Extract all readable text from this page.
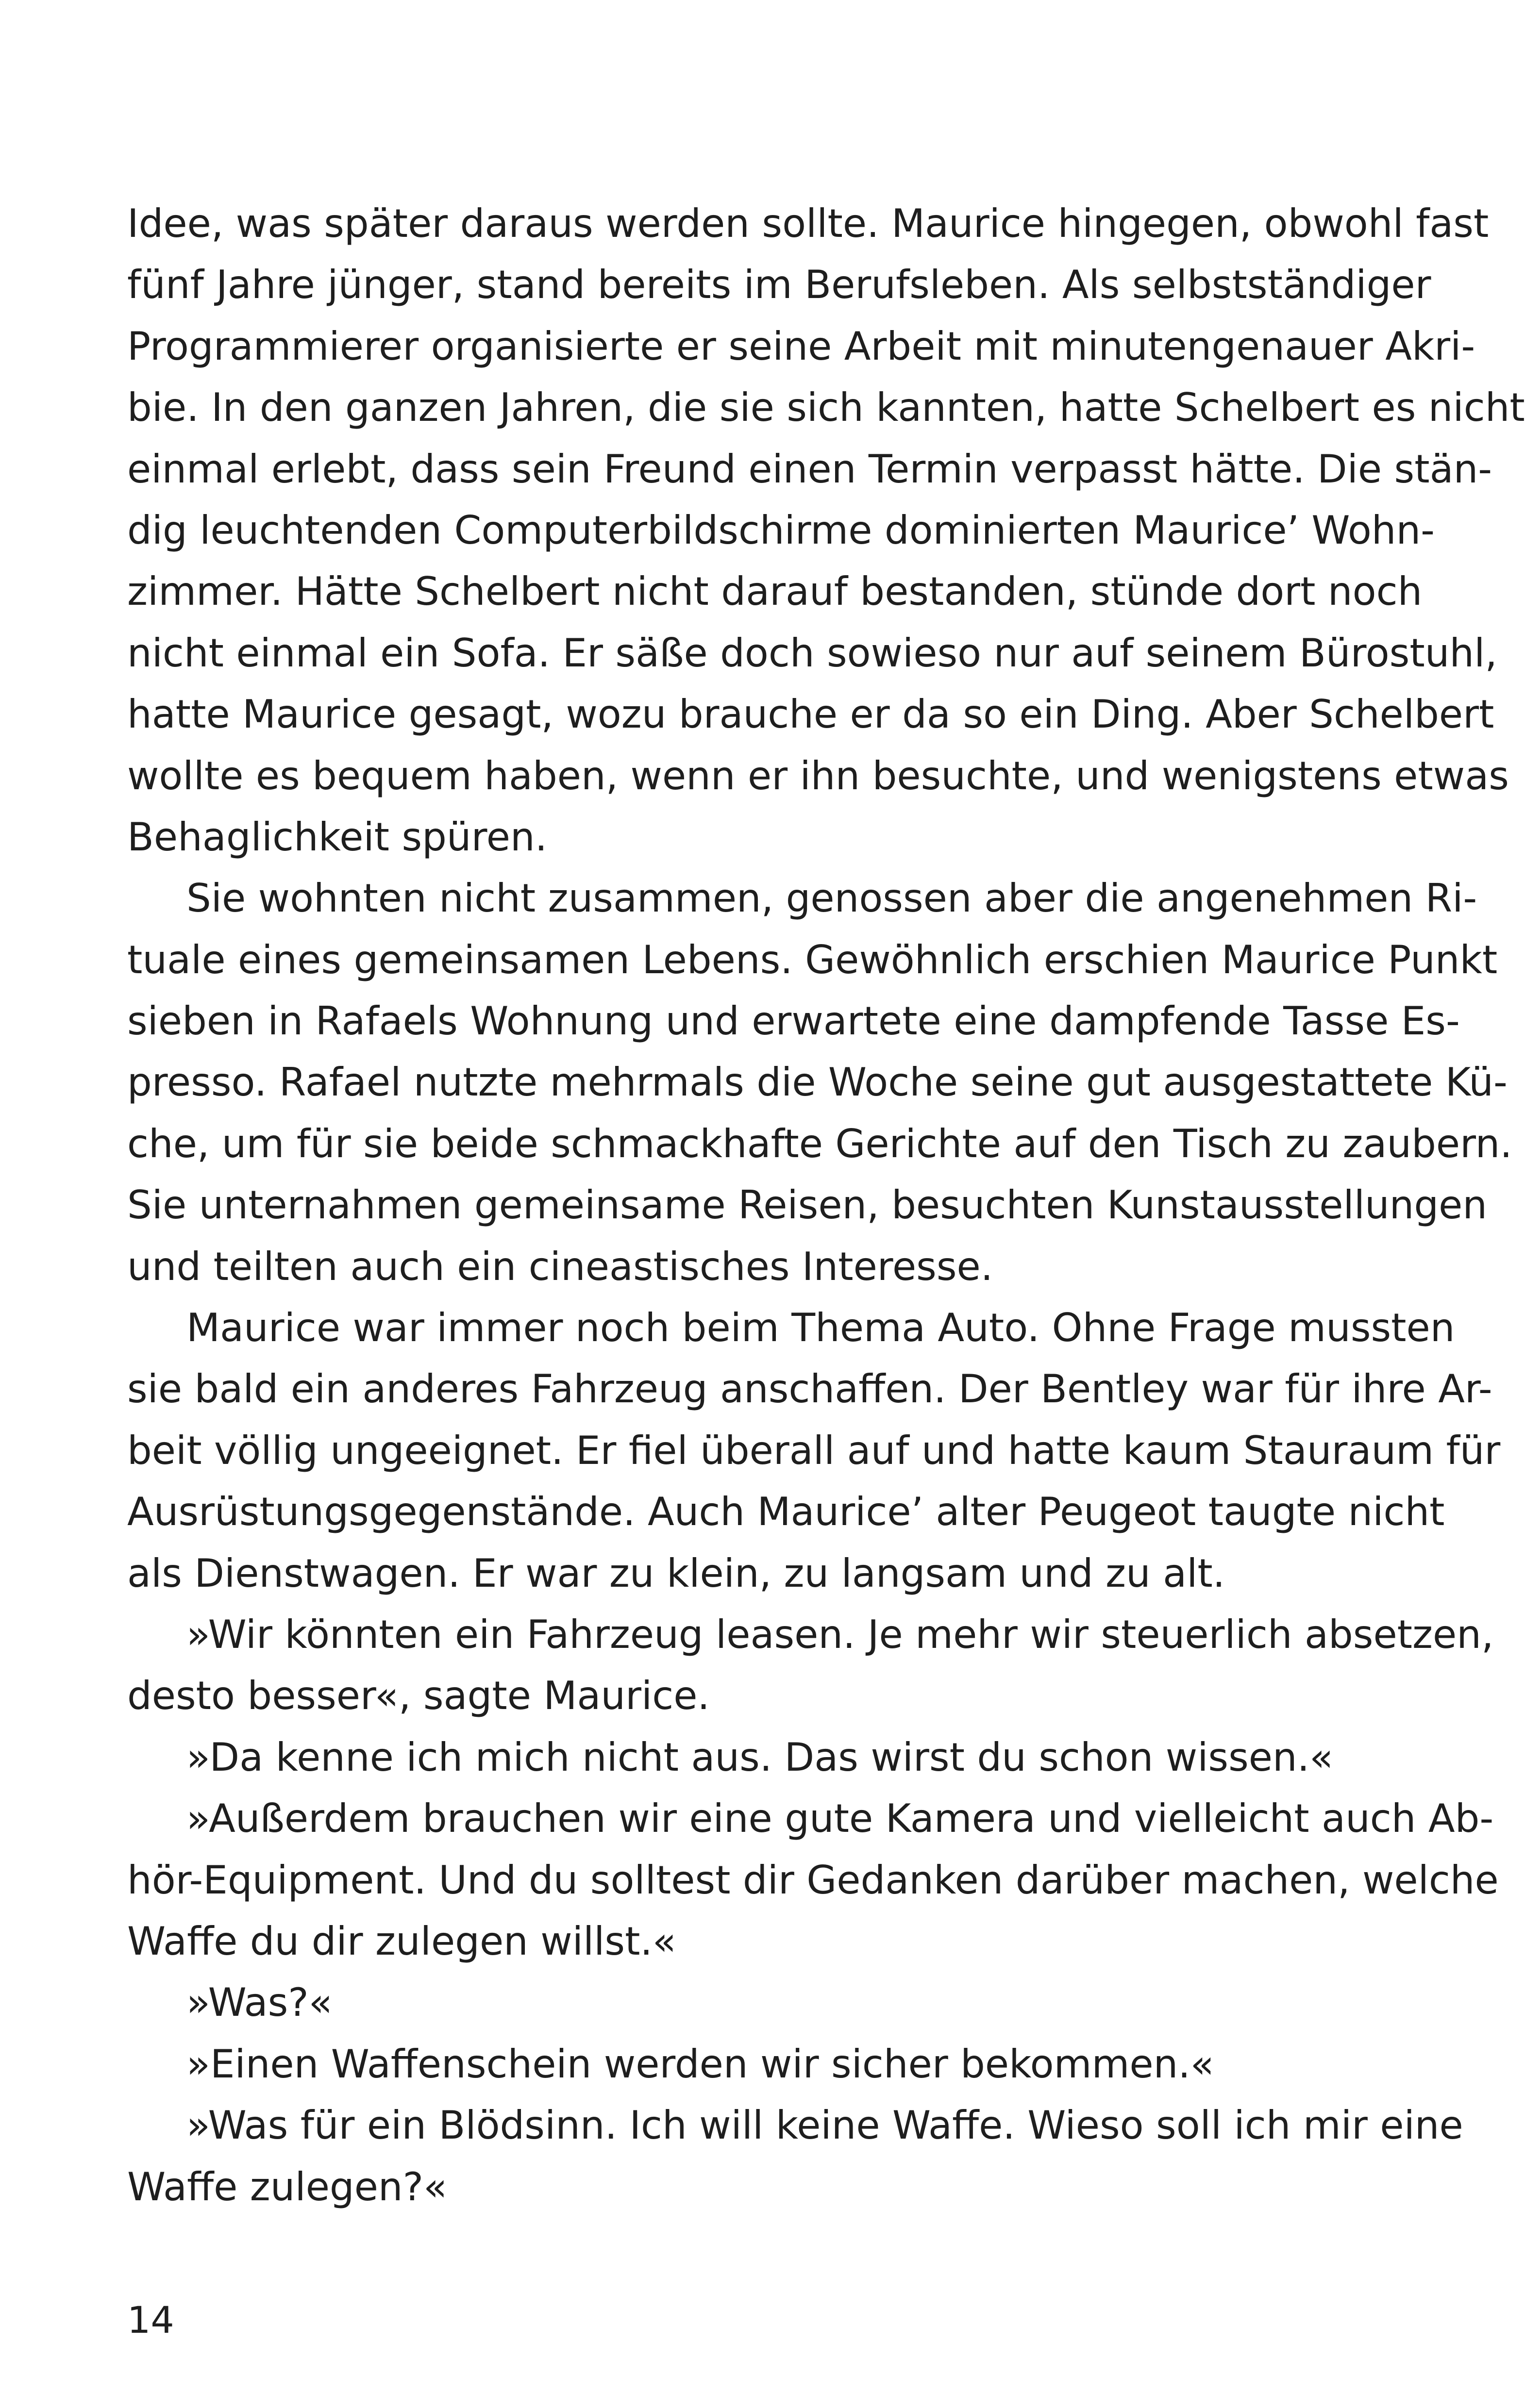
Idee, was später daraus werden sollte. Maurice hingegen, obwohl fast
fünf Jahre jünger, stand bereits im Berufsleben. Als selbstständiger
Programmierer organisierte er seine Arbeit mit minutengenauer Akri-
bie. In den ganzen Jahren, die sie sich kannten, hatte Schelbert es nicht
einmal erlebt, dass sein Freund einen Termin verpasst hätte. Die stän-
dig leuchtenden Computerbildschirme dominierten Maurice’ Wohn-
zimmer. Hätte Schelbert nicht darauf bestanden, stünde dort noch
nicht einmal ein Sofa. Er säße doch sowieso nur auf seinem Bürostuhl,
hatte Maurice gesagt, wozu brauche er da so ein Ding. Aber Schelbert
wollte es bequem haben, wenn er ihn besuchte, und wenigstens etwas
Behaglichkeit spüren.
Sie wohnten nicht zusammen, genossen aber die angenehmen Ri-
tuale eines gemeinsamen Lebens. Gewöhnlich erschien Maurice Punkt
sieben in Rafaels Wohnung und erwartete eine dampfende Tasse Es-
presso. Rafael nutzte mehrmals die Woche seine gut ausgestattete Kü-
che, um für sie beide schmackhafte Gerichte auf den Tisch zu zaubern.
Sie unternahmen gemeinsame Reisen, besuchten Kunstausstellungen
und teilten auch ein cineastisches Interesse.
Maurice war immer noch beim Thema Auto. Ohne Frage mussten
sie bald ein anderes Fahrzeug anschaffen. Der Bentley war für ihre Ar-
beit völlig ungeeignet. Er fiel überall auf und hatte kaum Stauraum für
Ausrüstungsgegenstände. Auch Maurice’ alter Peugeot taugte nicht
als Dienstwagen. Er war zu klein, zu langsam und zu alt.
»Wir könnten ein Fahrzeug leasen. Je mehr wir steuerlich absetzen,
desto besser«, sagte Maurice.
»Da kenne ich mich nicht aus. Das wirst du schon wissen.«
»Außerdem brauchen wir eine gute Kamera und vielleicht auch Ab-
hör-Equipment. Und du solltest dir Gedanken darüber machen, welche
Waffe du dir zulegen willst.«
»Was?«
»Einen Waffenschein werden wir sicher bekommen.«
»Was für ein Blödsinn. Ich will keine Waffe. Wieso soll ich mir eine
Waffe zulegen?«
14
